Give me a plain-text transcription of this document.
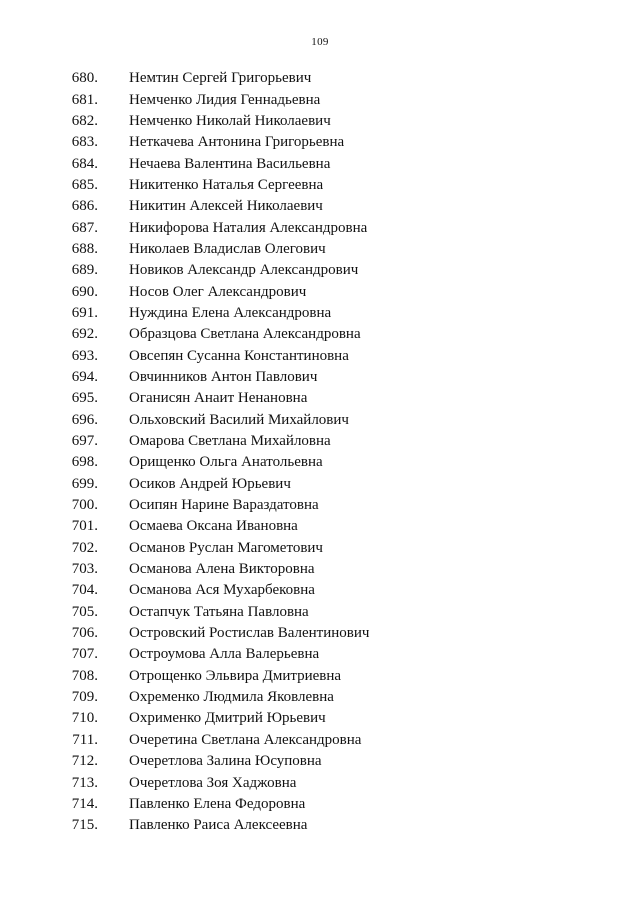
109
680.	Немтин Сергей Григорьевич
681.	Немченко Лидия Геннадьевна
682.	Немченко Николай Николаевич
683.	Неткачева Антонина Григорьевна
684.	Нечаева Валентина Васильевна
685.	Никитенко Наталья Сергеевна
686.	Никитин Алексей Николаевич
687.	Никифорова Наталия Александровна
688.	Николаев Владислав Олегович
689.	Новиков Александр Александрович
690.	Носов Олег Александрович
691.	Нуждина Елена Александровна
692.	Образцова Светлана Александровна
693.	Овсепян Сусанна Константиновна
694.	Овчинников Антон Павлович
695.	Оганисян Анаит Ненановна
696.	Ольховский Василий Михайлович
697.	Омарова Светлана Михайловна
698.	Орищенко Ольга Анатольевна
699.	Осиков Андрей Юрьевич
700.	Осипян Нарине Вараздатовна
701.	Осмаева Оксана Ивановна
702.	Османов Руслан Магометович
703.	Османова Алена Викторовна
704.	Османова Ася Мухарбековна
705.	Остапчук Татьяна Павловна
706.	Островский Ростислав Валентинович
707.	Остроумова Алла Валерьевна
708.	Отрощенко Эльвира Дмитриевна
709.	Охременко Людмила Яковлевна
710.	Охрименко Дмитрий Юрьевич
711.	Очеретина Светлана Александровна
712.	Очеретлова Залина Юсуповна
713.	Очеретлова Зоя Хаджовна
714.	Павленко Елена Федоровна
715.	Павленко Раиса Алексеевна
